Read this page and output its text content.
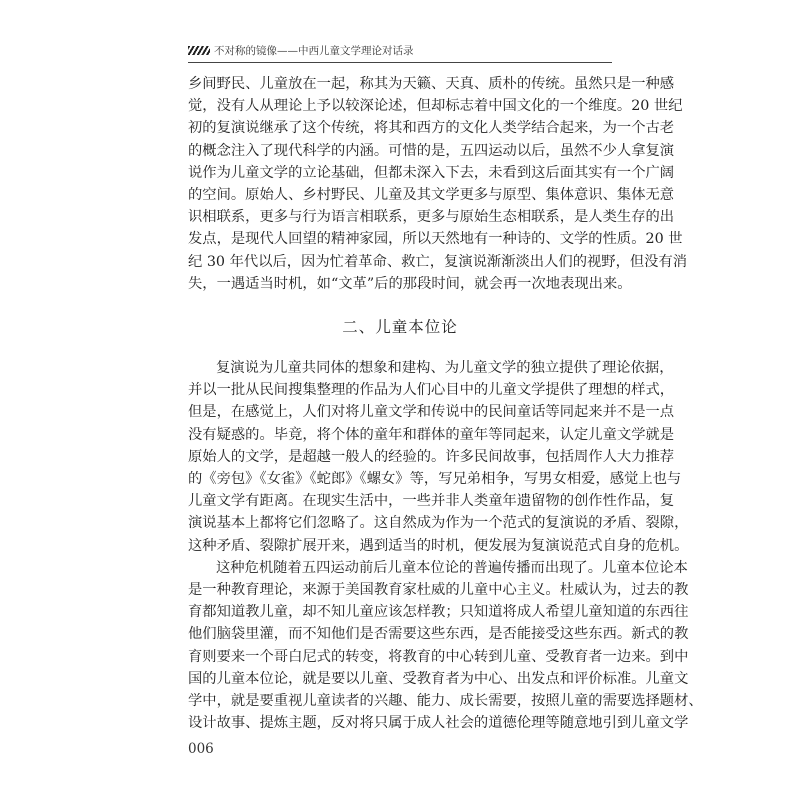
不对称的镜像——中西儿童文学理论对话录
乡间野民、儿童放在一起，称其为天籁、天真、质朴的传统。虽然只是一种感
觉，没有人从理论上予以较深论述，但却标志着中国文化的一个维度。20 世纪
初的复演说继承了这个传统，将其和西方的文化人类学结合起来，为一个古老
的概念注入了现代科学的内涵。可惜的是，五四运动以后，虽然不少人拿复演
说作为儿童文学的立论基础，但都未深入下去，未看到这后面其实有一个广阔
的空间。原始人、乡村野民、儿童及其文学更多与原型、集体意识、集体无意
识相联系，更多与行为语言相联系，更多与原始生态相联系，是人类生存的出
发点，是现代人回望的精神家园，所以天然地有一种诗的、文学的性质。20 世
纪 30 年代以后，因为忙着革命、救亡，复演说渐渐淡出人们的视野，但没有消
失，一遇适当时机，如“文革”后的那段时间，就会再一次地表现出来。
二、儿童本位论
复演说为儿童共同体的想象和建构、为儿童文学的独立提供了理论依据，
并以一批从民间搜集整理的作品为人们心目中的儿童文学提供了理想的样式，
但是，在感觉上，人们对将儿童文学和传说中的民间童话等同起来并不是一点
没有疑惑的。毕竟，将个体的童年和群体的童年等同起来，认定儿童文学就是
原始人的文学，是超越一般人的经验的。许多民间故事，包括周作人大力推荐
的《旁包》《女雀》《蛇郎》《螺女》等，写兄弟相争，写男女相爱，感觉上也与
儿童文学有距离。在现实生活中，一些并非人类童年遗留物的创作性作品，复
演说基本上都将它们忽略了。这自然成为作为一个范式的复演说的矛盾、裂隙，
这种矛盾、裂隙扩展开来，遇到适当的时机，便发展为复演说范式自身的危机。
这种危机随着五四运动前后儿童本位论的普遍传播而出现了。儿童本位论本
是一种教育理论，来源于美国教育家杜威的儿童中心主义。杜威认为，过去的教
育都知道教儿童，却不知儿童应该怎样教；只知道将成人希望儿童知道的东西往
他们脑袋里灌，而不知他们是否需要这些东西，是否能接受这些东西。新式的教
育则要来一个哥白尼式的转变，将教育的中心转到儿童、受教育者一边来。到中
国的儿童本位论，就是要以儿童、受教育者为中心、出发点和评价标准。儿童文
学中，就是要重视儿童读者的兴趣、能力、成长需要，按照儿童的需要选择题材、
设计故事、提炼主题，反对将只属于成人社会的道德伦理等随意地引到儿童文学
006
